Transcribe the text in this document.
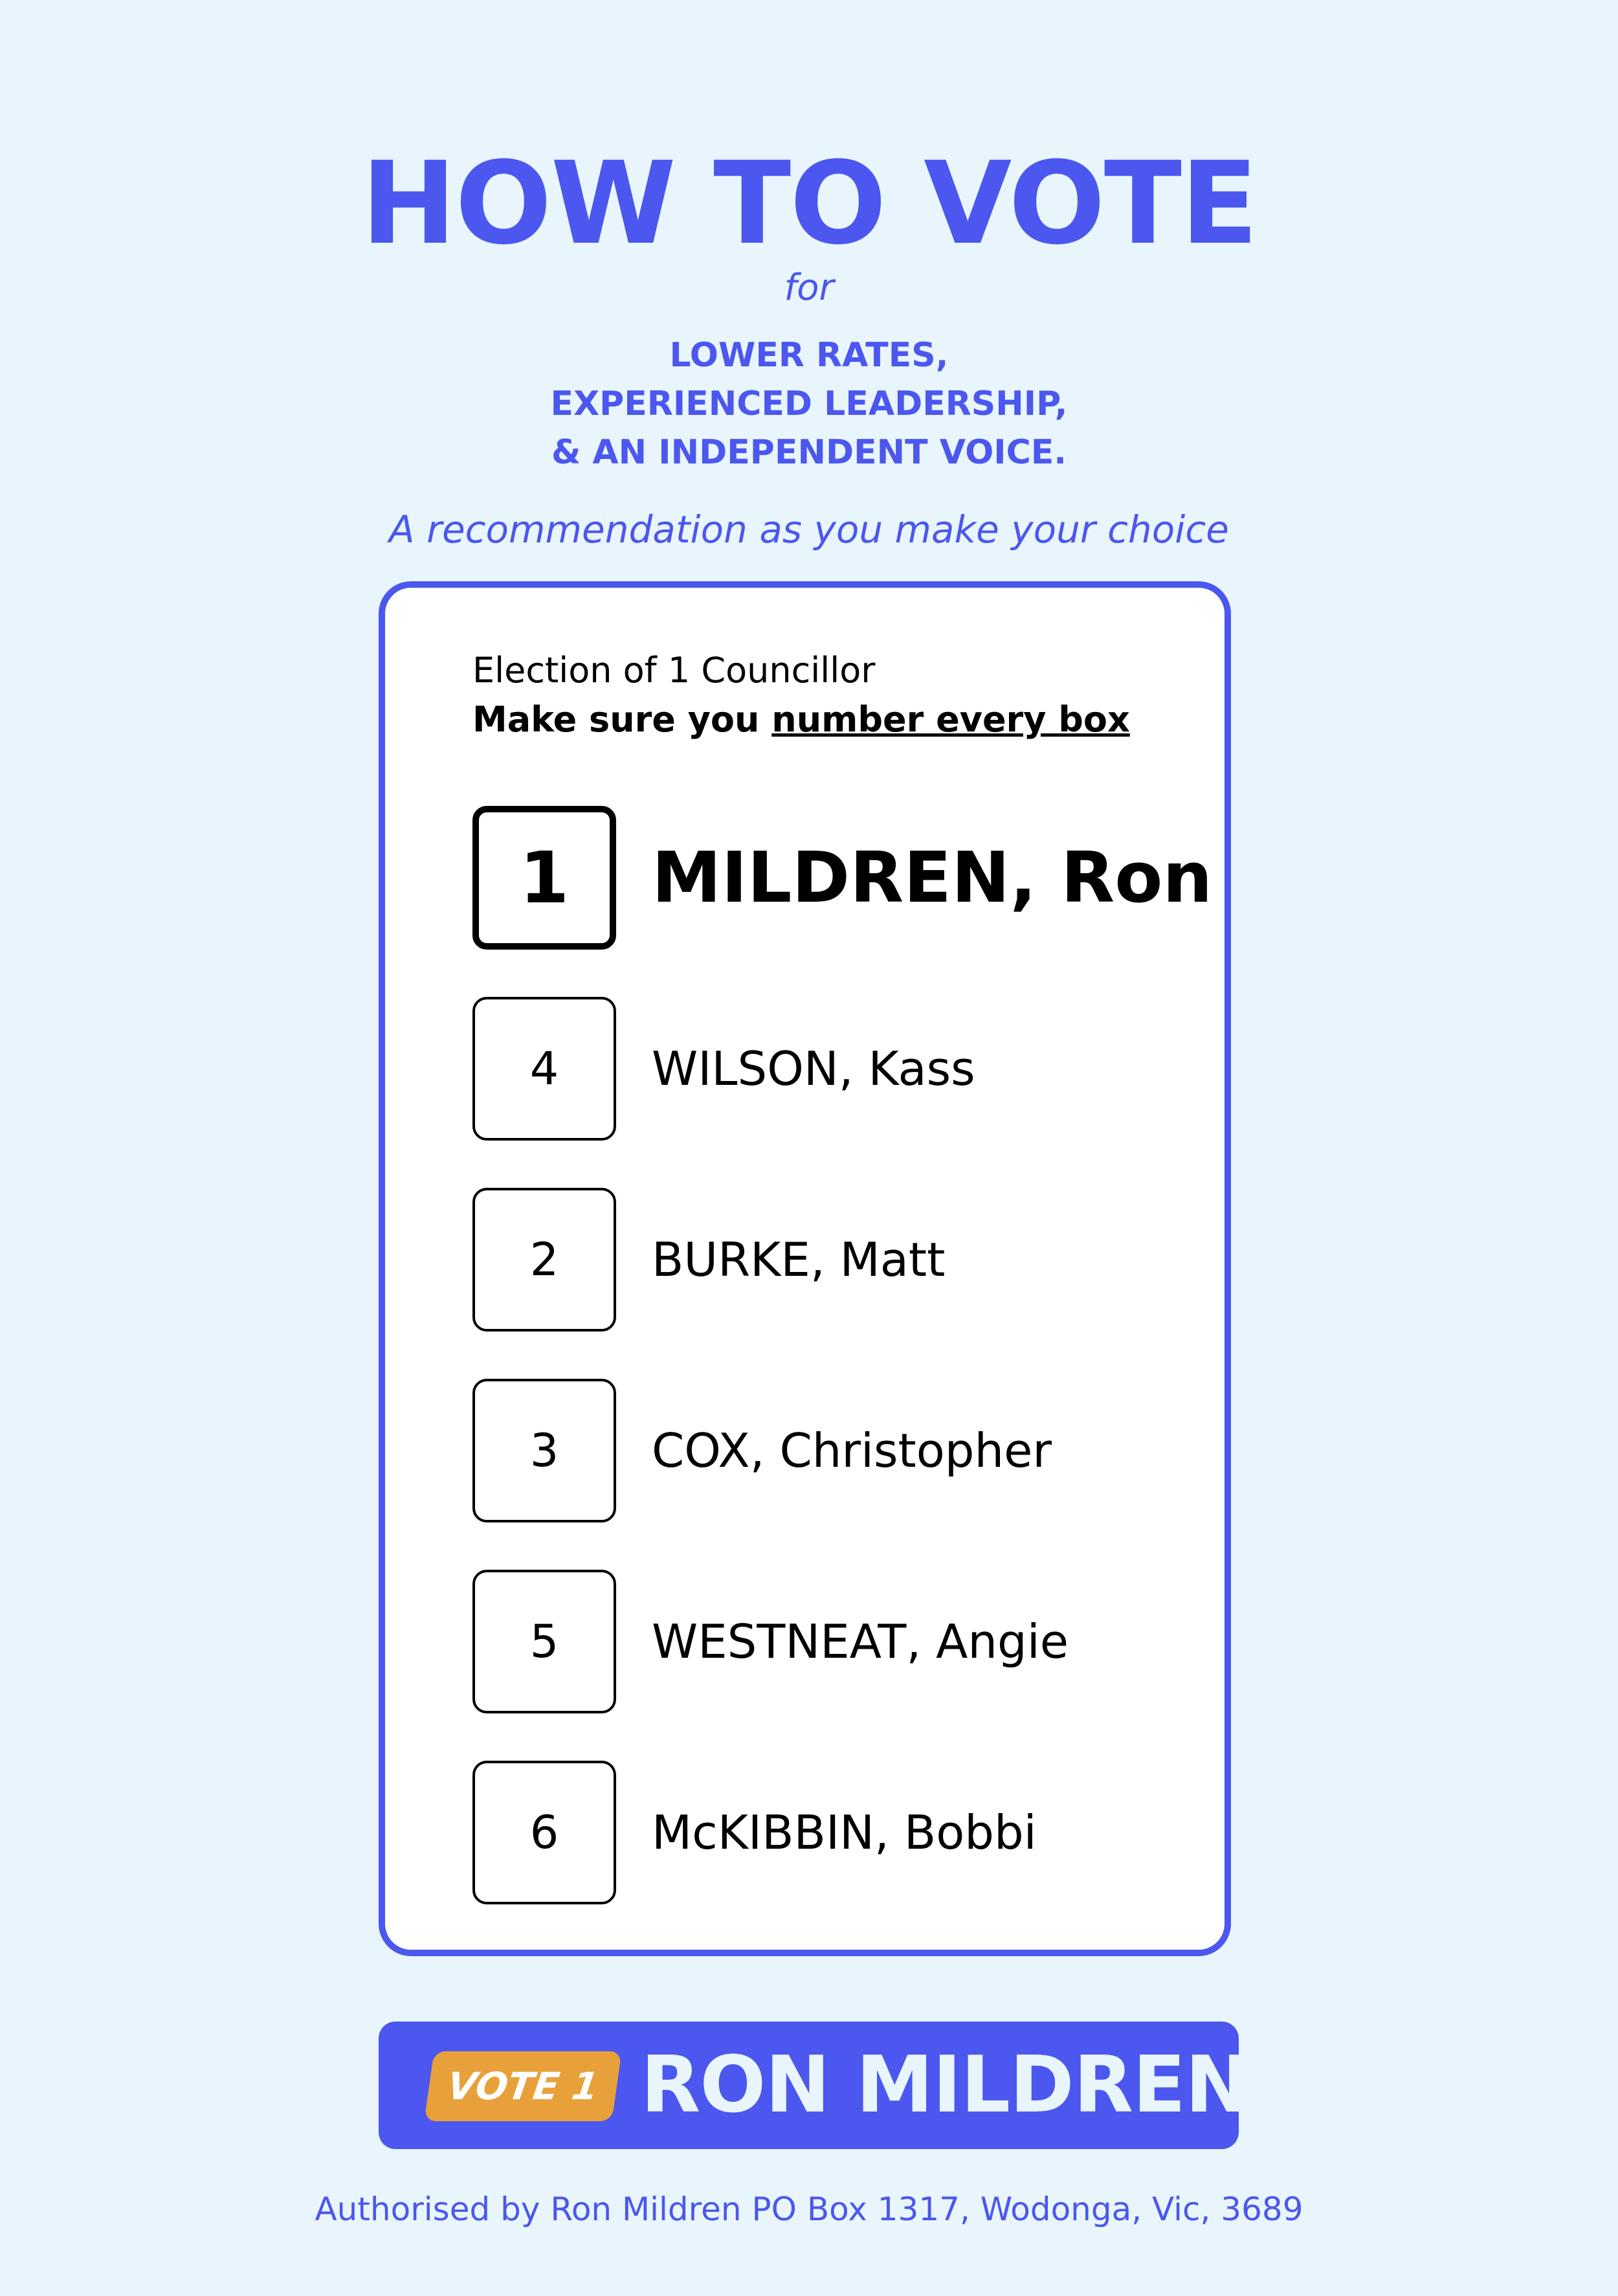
HOW TO VOTE
for
LOWER RATES,
EXPERIENCED LEADERSHIP,
& AN INDEPENDENT VOICE.
A recommendation as you make your choice
Election of 1 Councillor
Make sure you number every box
1	MILDREN, Ron
4	WILSON, Kass
2	BURKE, Matt
3	COX, Christopher
5	WESTNEAT, Angie
6	McKIBBIN, Bobbi
VOTE 1 RON MILDREN
Authorised by Ron Mildren PO Box 1317, Wodonga, Vic, 3689
